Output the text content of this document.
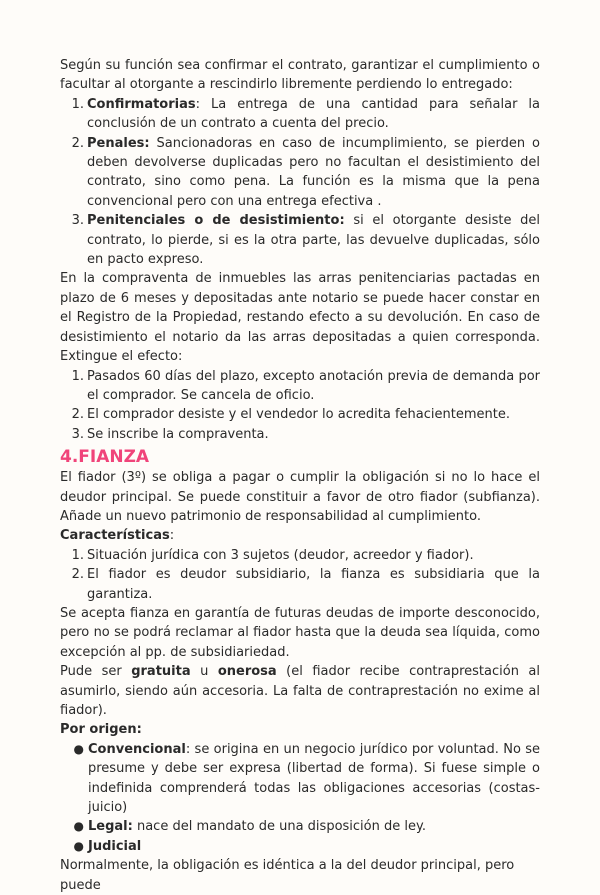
Según su función sea confirmar el contrato, garantizar el cumplimiento o facultar al otorgante a rescindirlo libremente perdiendo lo entregado:

1. Confirmatorias: La entrega de una cantidad para señalar la conclusión de un contrato a cuenta del precio.
2. Penales: Sancionadoras en caso de incumplimiento, se pierden o deben devolverse duplicadas pero no facultan el desistimiento del contrato, sino como pena. La función es la misma que la pena convencional pero con una entrega efectiva .
3. Penitenciales o de desistimiento: si el otorgante desiste del contrato, lo pierde, si es la otra parte, las devuelve duplicadas, sólo en pacto expreso.

En la compraventa de inmuebles las arras penitenciarias pactadas en plazo de 6 meses y depositadas ante notario se puede hacer constar en el Registro de la Propiedad, restando efecto a su devolución. En caso de desistimiento el notario da las arras depositadas a quien corresponda. Extingue el efecto:

1. Pasados 60 días del plazo, excepto anotación previa de demanda por el comprador. Se cancela de oficio.
2. El comprador desiste y el vendedor lo acredita fehacientemente.
3. Se inscribe la compraventa.
4.FIANZA

El fiador (3º) se obliga a pagar o cumplir la obligación si no lo hace el deudor principal. Se puede constituir a favor de otro fiador (subfianza). Añade un nuevo patrimonio de responsabilidad al cumplimiento.

Características:

1. Situación jurídica con 3 sujetos (deudor, acreedor y fiador).
2. El fiador es deudor subsidiario, la fianza es subsidiaria que la garantiza.

Se acepta fianza en garantía de futuras deudas de importe desconocido, pero no se podrá reclamar al fiador hasta que la deuda sea líquida, como excepción al pp. de subsidiariedad.

Pude ser gratuita u onerosa (el fiador recibe contraprestación al asumirlo, siendo aún accesoria. La falta de contraprestación no exime al fiador).

Por origen:

● Convencional: se origina en un negocio jurídico por voluntad. No se presume y debe ser expresa (libertad de forma). Si fuese simple o indefinida comprenderá todas las obligaciones accesorias (costas-juicio)
● Legal: nace del mandato de una disposición de ley.
● Judicial

Normalmente, la obligación es idéntica a la del deudor principal, pero puede
